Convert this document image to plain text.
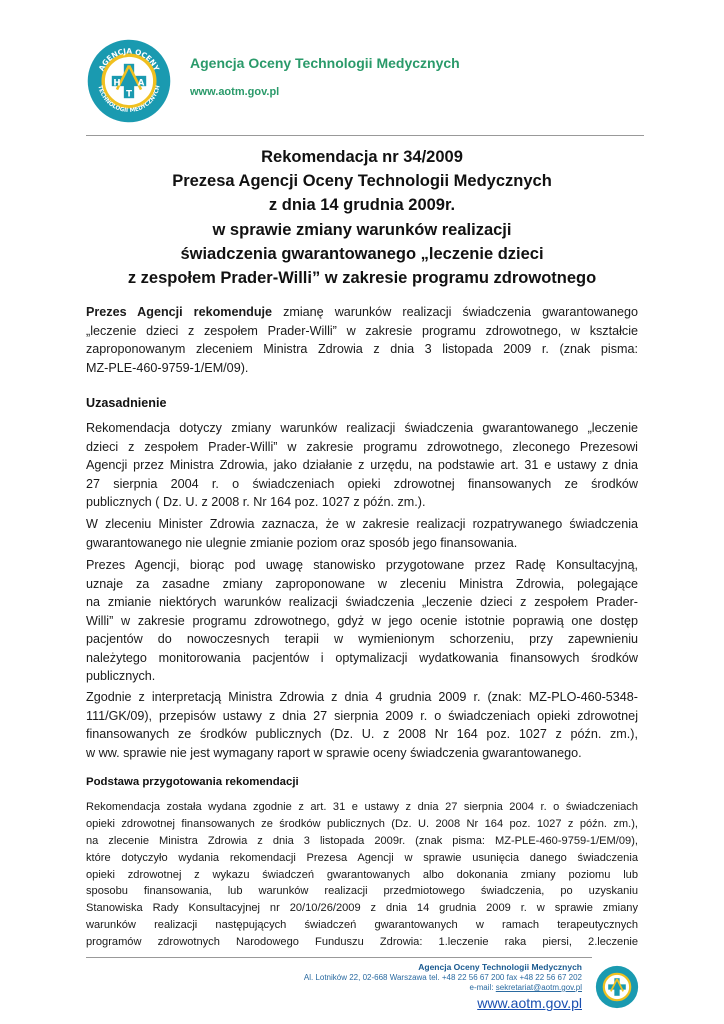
AGENCJA OCENY
TECHNOLOGII MEDYCZNYCH
H
T
A
Agencja Oceny Technologii Medycznych
www.aotm.gov.pl
Rekomendacja nr 34/2009
Prezesa Agencji Oceny Technologii Medycznych
z dnia 14 grudnia 2009r.
w sprawie zmiany warunków realizacji
świadczenia gwarantowanego „leczenie dzieci
z zespołem Prader-Willi” w zakresie programu zdrowotnego
Prezes Agencji rekomenduje zmianę warunków realizacji świadczenia gwarantowanego
„leczenie dzieci z zespołem Prader-Willi” w zakresie programu zdrowotnego, w kształcie
zaproponowanym zleceniem Ministra Zdrowia z dnia 3 listopada 2009 r. (znak pisma:
MZ-PLE-460-9759-1/EM/09).
Uzasadnienie
Rekomendacja dotyczy zmiany warunków realizacji świadczenia gwarantowanego „leczenie
dzieci z zespołem Prader-Willi” w zakresie programu zdrowotnego, zleconego Prezesowi
Agencji przez Ministra Zdrowia, jako działanie z urzędu, na podstawie art. 31 e ustawy z dnia
27 sierpnia 2004 r. o świadczeniach opieki zdrowotnej finansowanych ze środków
publicznych ( Dz. U. z 2008 r. Nr 164 poz. 1027 z późn. zm.).
W zleceniu Minister Zdrowia zaznacza, że w zakresie realizacji rozpatrywanego świadczenia
gwarantowanego nie ulegnie zmianie poziom oraz sposób jego finansowania.
Prezes Agencji, biorąc pod uwagę stanowisko przygotowane przez Radę Konsultacyjną,
uznaje za zasadne zmiany zaproponowane w zleceniu Ministra Zdrowia, polegające
na zmianie niektórych warunków realizacji świadczenia „leczenie dzieci z zespołem Prader-
Willi” w zakresie programu zdrowotnego, gdyż w jego ocenie istotnie poprawią one dostęp
pacjentów do nowoczesnych terapii w wymienionym schorzeniu, przy zapewnieniu
należytego monitorowania pacjentów i optymalizacji wydatkowania finansowych środków
publicznych.
Zgodnie z interpretacją Ministra Zdrowia z dnia 4 grudnia 2009 r. (znak: MZ-PLO-460-5348-
111/GK/09), przepisów ustawy z dnia 27 sierpnia 2009 r. o świadczeniach opieki zdrowotnej
finansowanych ze środków publicznych (Dz. U. z 2008 Nr 164 poz. 1027 z późn. zm.),
w ww. sprawie nie jest wymagany raport w sprawie oceny świadczenia gwarantowanego.
Podstawa przygotowania rekomendacji
Rekomendacja została wydana zgodnie z art. 31 e ustawy z dnia 27 sierpnia 2004 r. o świadczeniach
opieki zdrowotnej finansowanych ze środków publicznych (Dz. U. 2008 Nr 164 poz. 1027 z późn. zm.),
na zlecenie Ministra Zdrowia z dnia 3 listopada 2009r. (znak pisma: MZ-PLE-460-9759-1/EM/09),
które dotyczyło wydania rekomendacji Prezesa Agencji w sprawie usunięcia danego świadczenia
opieki zdrowotnej z wykazu świadczeń gwarantowanych albo dokonania zmiany poziomu lub
sposobu finansowania, lub warunków realizacji przedmiotowego świadczenia, po uzyskaniu
Stanowiska Rady Konsultacyjnej nr 20/10/26/2009 z dnia 14 grudnia 2009 r. w sprawie zmiany
warunków realizacji następujących świadczeń gwarantowanych w ramach terapeutycznych
programów zdrowotnych Narodowego Funduszu Zdrowia: 1.leczenie raka piersi, 2.leczenie
Agencja Oceny Technologii Medycznych
Al. Lotników 22, 02-668 Warszawa tel. +48 22 56 67 200 fax +48 22 56 67 202
e-mail: sekretariat@aotm.gov.pl
www.aotm.gov.pl
